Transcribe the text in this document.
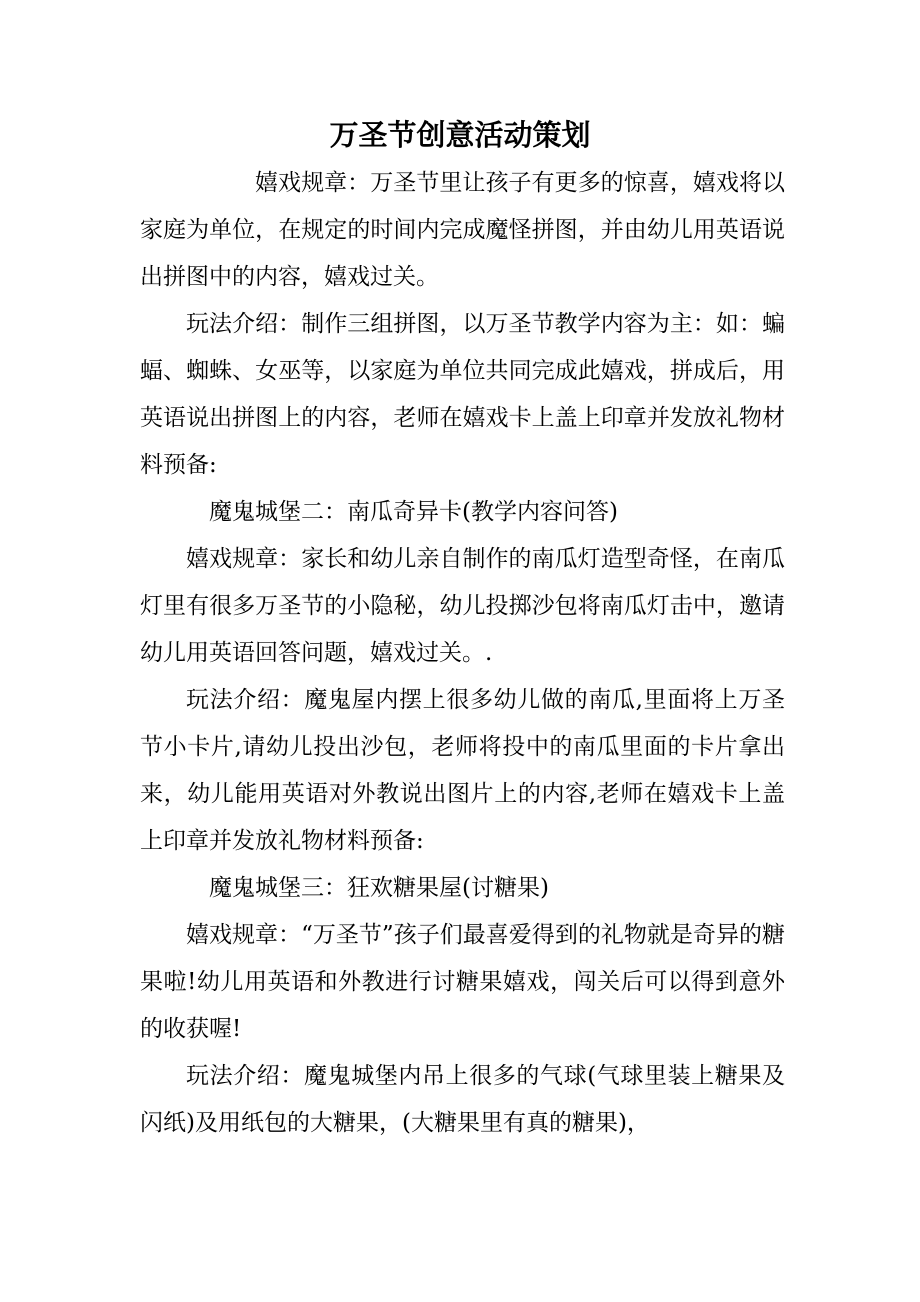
万圣节创意活动策划

嬉戏规章：万圣节里让孩子有更多的惊喜，嬉戏将以家庭为单位，在规定的时间内完成魔怪拼图，并由幼儿用英语说出拼图中的内容，嬉戏过关。

玩法介绍：制作三组拼图，以万圣节教学内容为主：如：蝙蝠、蜘蛛、女巫等，以家庭为单位共同完成此嬉戏，拼成后，用英语说出拼图上的内容，老师在嬉戏卡上盖上印章并发放礼物材料预备:

魔鬼城堡二：南瓜奇异卡(教学内容问答)

嬉戏规章：家长和幼儿亲自制作的南瓜灯造型奇怪，在南瓜灯里有很多万圣节的小隐秘，幼儿投掷沙包将南瓜灯击中，邀请幼儿用英语回答问题，嬉戏过关。.

玩法介绍：魔鬼屋内摆上很多幼儿做的南瓜,里面将上万圣节小卡片,请幼儿投出沙包，老师将投中的南瓜里面的卡片拿出来，幼儿能用英语对外教说出图片上的内容,老师在嬉戏卡上盖上印章并发放礼物材料预备:

魔鬼城堡三：狂欢糖果屋(讨糖果)

嬉戏规章：“万圣节”孩子们最喜爱得到的礼物就是奇异的糖果啦!幼儿用英语和外教进行讨糖果嬉戏，闯关后可以得到意外的收获喔!

玩法介绍：魔鬼城堡内吊上很多的气球(气球里装上糖果及闪纸)及用纸包的大糖果，(大糖果里有真的糖果)，
